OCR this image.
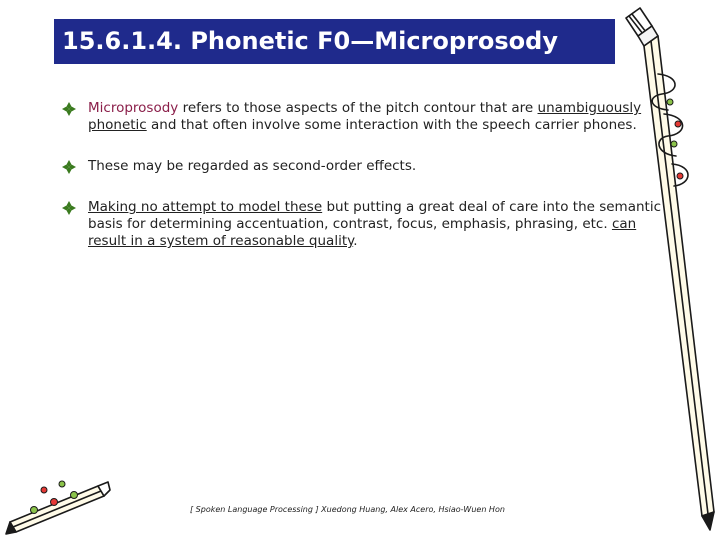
15.6.1.4. Phonetic F0—Microprosody
Microprosody refers to those aspects of the pitch contour that are unambiguously phonetic and that often involve some interaction with the speech carrier phones.
These may be regarded as second-order effects.
Making no attempt to model these but putting a great deal of care into the semantic basis for determining accentuation, contrast, focus, emphasis, phrasing, etc. can result in a system of reasonable quality.
[ Spoken Language Processing ] Xuedong Huang, Alex Acero, Hsiao-Wuen Hon
